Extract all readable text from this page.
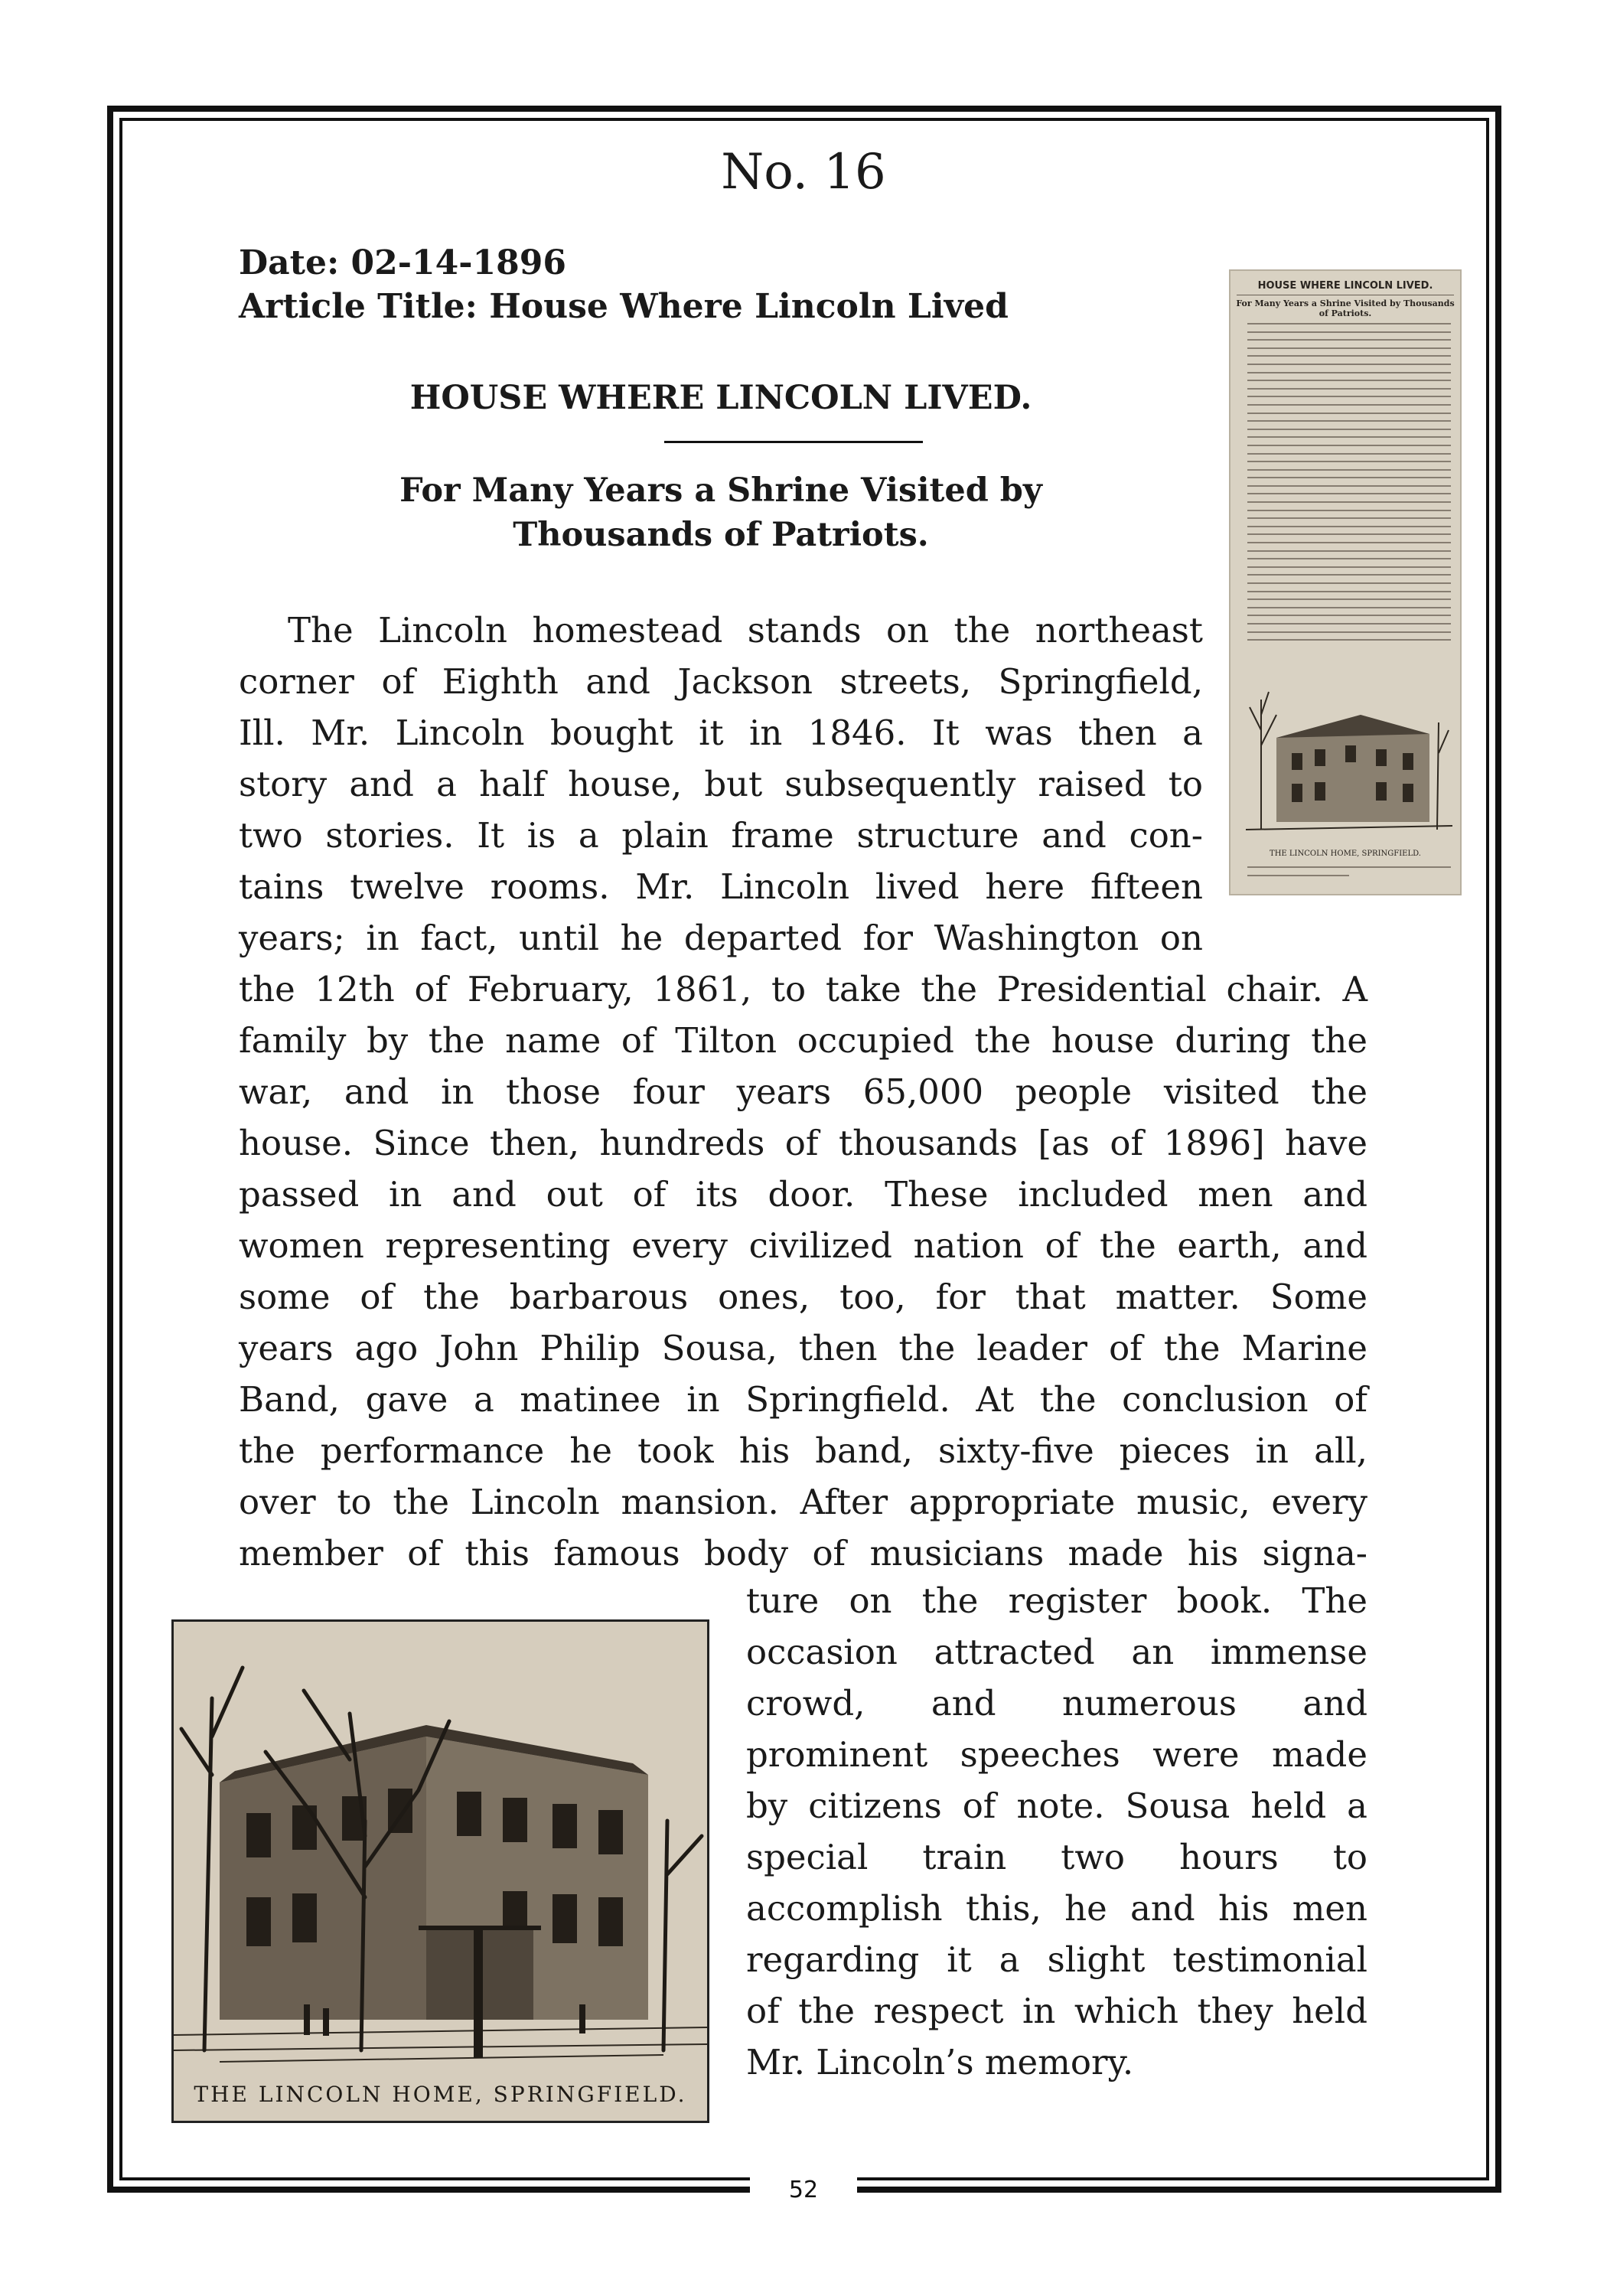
52
No. 16
Date: 02-14-1896
Article Title: House Where Lincoln Lived
HOUSE WHERE LINCOLN LIVED.
For Many Years a Shrine Visited by
Thousands of Patriots.
The Lincoln homestead stands on the northeast
corner of Eighth and Jackson streets, Springfield,
Ill. Mr. Lincoln bought it in 1846. It was then a
story and a half house, but subsequently raised to
two stories. It is a plain frame structure and con-
tains twelve rooms. Mr. Lincoln lived here fifteen
years; in fact, until he departed for Washington on
the 12th of February, 1861, to take the Presidential chair. A
family by the name of Tilton occupied the house during the
war, and in those four years 65,000 people visited the
house. Since then, hundreds of thousands [as of 1896] have
passed in and out of its door. These included men and
women representing every civilized nation of the earth, and
some of the barbarous ones, too, for that matter. Some
years ago John Philip Sousa, then the leader of the Marine
Band, gave a matinee in Springfield. At the conclusion of
the performance he took his band, sixty-five pieces in all,
over to the Lincoln mansion. After appropriate music, every
member of this famous body of musicians made his signa-
ture on the register book. The
occasion attracted an immense
crowd, and numerous and
prominent speeches were made
by citizens of note. Sousa held a
special train two hours to
accomplish this, he and his men
regarding it a slight testimonial
of the respect in which they held
Mr. Lincoln’s memory.
HOUSE WHERE LINCOLN LIVED.
For Many Years a Shrine Visited by Thousands of Patriots.
THE LINCOLN HOME, SPRINGFIELD.
THE LINCOLN HOME, SPRINGFIELD.
